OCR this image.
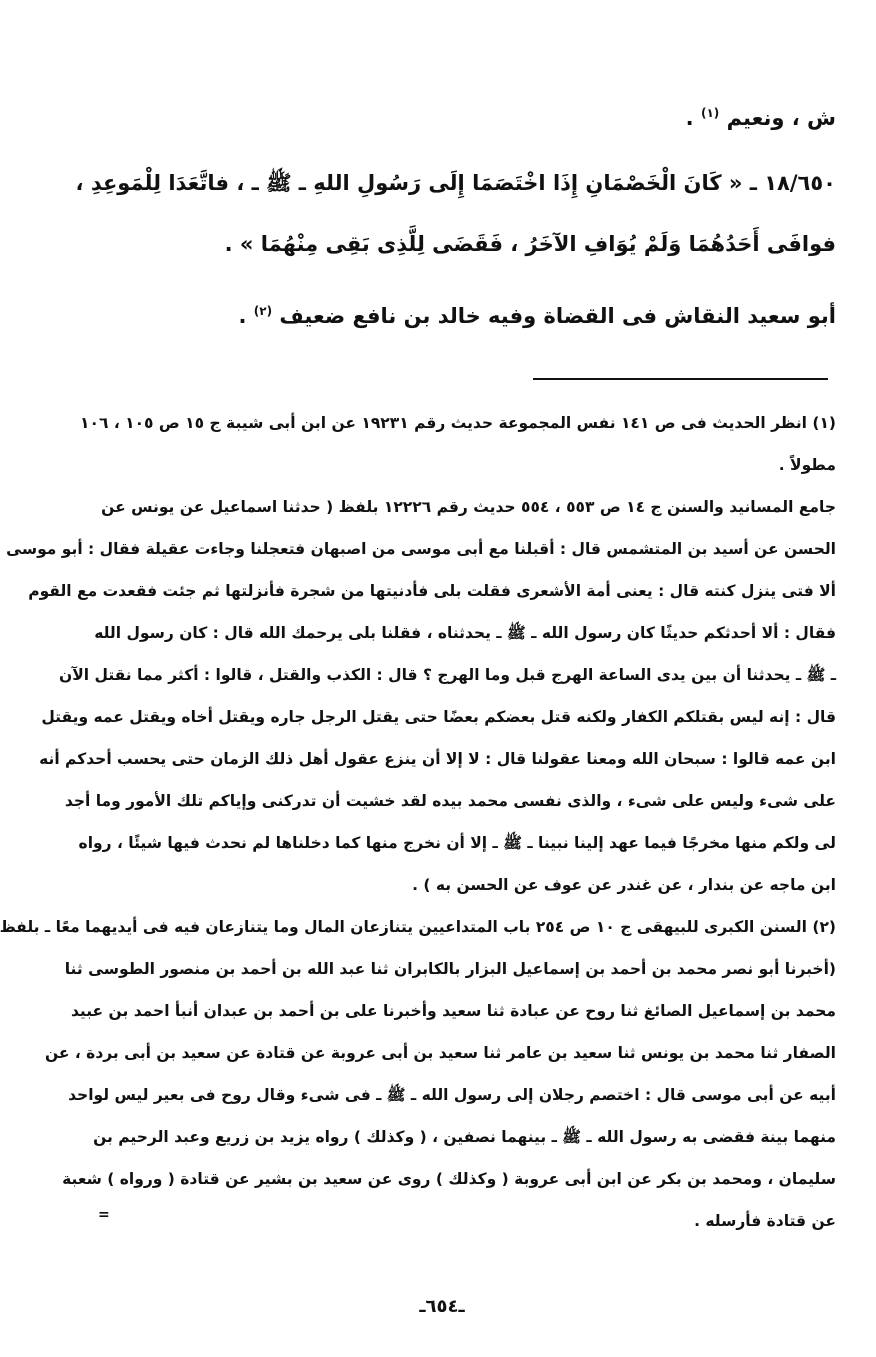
ش ، ونعيم $^{(١)}$ .
١٨/٦٥٠ ـ « كَانَ الْخَصْمَانِ إِذَا اخْتَصَمَا إِلَى رَسُولِ اللهِ ـ ﷺ ـ ، فاتَّعَدَا لِلْمَوعِدِ ،
فوافَى أَحَدُهُمَا وَلَمْ يُوَافِ الآخَرُ ، فَقَضَى لِلَّذِى بَقِى مِنْهُمَا » .
أبو سعيد النقاش فى القضاة وفيه خالد بن نافع ضعيف $^{(٢)}$ .
(١) انظر الحديث فى ص ١٤١ نفس المجموعة حديث رقم ١٩٢٣١ عن ابن أبى شيبة ج ١٥ ص ١٠٥ ، ١٠٦
مطولاً .
جامع المسانيد والسنن ج ١٤ ص ٥٥٣ ، ٥٥٤ حديث رقم ١٢٢٢٦ بلفظ ( حدثنا اسماعيل عن يونس عن
الحسن عن أسيد بن المتشمس قال : أقبلنا مع أبى موسى من اصبهان فتعجلنا وجاءت عقيلة فقال : أبو موسى
ألا فتى ينزل كنته قال : يعنى أمة الأشعرى فقلت بلى فأدنيتها من شجرة فأنزلتها ثم جئت فقعدت مع القوم
فقال : ألا أحدثكم حديثًا كان رسول الله ـ ﷺ ـ يحدثناه ، فقلنا بلى يرحمك الله قال : كان رسول الله
ـ ﷺ ـ يحدثنا أن بين يدى الساعة الهرج قبل وما الهرج ؟ قال : الكذب والقتل ، قالوا : أكثر مما نقتل الآن
قال : إنه ليس بقتلكم الكفار ولكنه قتل بعضكم بعضًا حتى يقتل الرجل جاره ويقتل أخاه ويقتل عمه ويقتل
ابن عمه قالوا : سبحان الله ومعنا عقولنا قال : لا إلا أن ينزع عقول أهل ذلك الزمان حتى يحسب أحدكم أنه
على شىء وليس على شىء ، والذى نفسى محمد بيده لقد خشيت أن تدركنى وإياكم تلك الأمور وما أجد
لى ولكم منها مخرجًا فيما عهد إلينا نبينا ـ ﷺ ـ إلا أن نخرج منها كما دخلناها لم نحدث فيها شيئًا ، رواه
ابن ماجه عن بندار ، عن غندر عن عوف عن الحسن به ) .
(٢) السنن الكبرى للبيهقى ج ١٠ ص ٢٥٤ باب المتداعيين يتنازعان المال وما يتنازعان فيه فى أيديهما معًا ـ بلفظ
(أخبرنا أبو نصر محمد بن أحمد بن إسماعيل البزار بالكابران ثنا عبد الله بن أحمد بن منصور الطوسى ثنا
محمد بن إسماعيل الصائغ ثنا روح عن عبادة ثنا سعيد وأخبرنا على بن أحمد بن عبدان أنبأ احمد بن عبيد
الصفار ثنا محمد بن يونس ثنا سعيد بن عامر ثنا سعيد بن أبى عروبة عن قتادة عن سعيد بن أبى بردة ، عن
أبيه عن أبى موسى قال : اختصم رجلان إلى رسول الله ـ ﷺ ـ فى شىء وقال روح فى بعير ليس لواحد
منهما بينة فقضى به رسول الله ـ ﷺ ـ بينهما نصفين ، ( وكذلك ) رواه يزيد بن زريع وعبد الرحيم بن
سليمان ، ومحمد بن بكر عن ابن أبى عروبة ( وكذلك ) روى عن سعيد بن بشير عن قتادة ( ورواه ) شعبة
عن قتادة فأرسله .
=
ـ٦٥٤ـ
